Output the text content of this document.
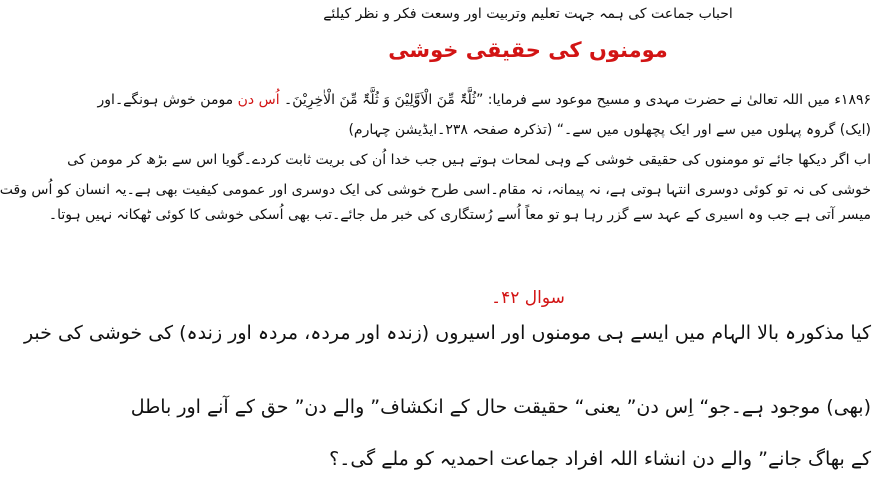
احباب جماعت کی ہمہ جہت تعلیم وتربیت اور وسعت فکر و نظر کیلئے
مومنوں کی حقیقی خوشی
۱۸۹۶ء میں اللہ تعالیٰ نے حضرت مہدی و مسیح موعود سے فرمایا: ”ثُلَّۃٌ مِّنَ الْاَوَّلِیْنَ وَ ثُلَّۃٌ مِّنَ الْاٰخِرِیْنَ۔ اُس دن مومن خوش ہونگے۔اور
(ایک) گروہ پہلوں میں سے اور ایک پچھلوں میں سے۔“ (تذکرہ صفحہ ۲۳۸۔ایڈیشن چہارم)
اب اگر دیکھا جائے تو مومنوں کی حقیقی خوشی کے وہی لمحات ہوتے ہیں جب خدا اُن کی بریت ثابت کردے۔گویا اس سے بڑھ کر مومن کی
خوشی کی نہ تو کوئی دوسری انتہا ہوتی ہے، نہ پیمانہ، نہ مقام۔اسی طرح خوشی کی ایک دوسری اور عمومی کیفیت بھی ہے۔یہ انسان کو اُس وقت
میسر آتی ہے جب وہ اسیری کے عہد سے گزر رہا ہو تو معاً اُسے رُستگاری کی خبر مل جائے۔تب بھی اُسکی خوشی کا کوئی ٹھکانہ نہیں ہوتا۔
سوال ۴۲۔
کیا مذکورہ بالا الہام میں ایسے ہی مومنوں اور اسیروں (زندہ اور مردہ، مردہ اور زندہ) کی خوشی کی خبر
(بھی) موجود ہے۔جو“ اِس دن” یعنی“ حقیقت حال کے انکشاف” والے دن” حق کے آنے اور باطل
کے بھاگ جانے” والے دن انشاء اللہ افراد جماعت احمدیہ کو ملے گی۔؟
